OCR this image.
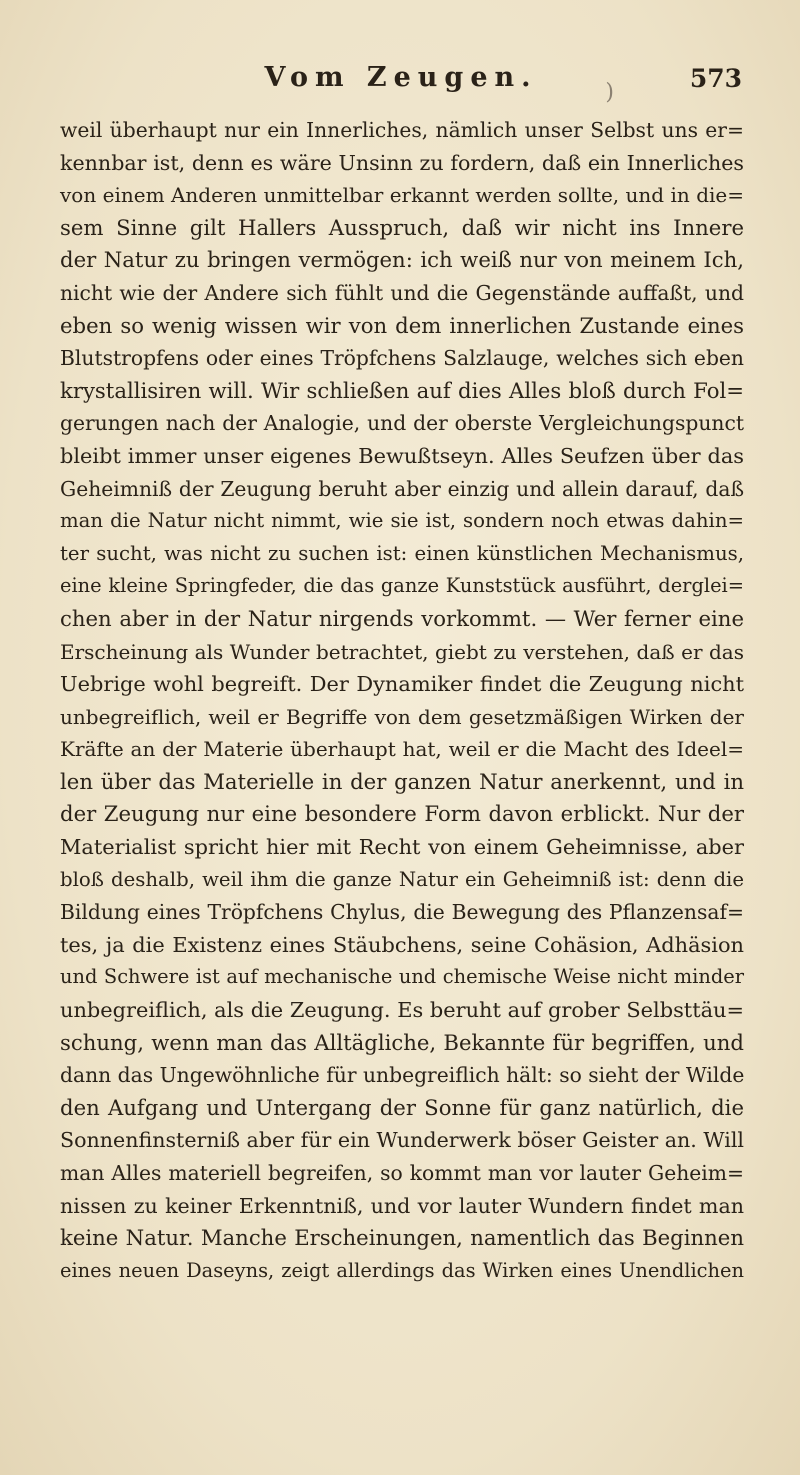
)
Vom Zeugen.	573
weil überhaupt nur ein Innerliches, nämlich unser Selbst uns er=
kennbar ist, denn es wäre Unsinn zu fordern, daß ein Innerliches
von einem Anderen unmittelbar erkannt werden sollte, und in die=
sem Sinne gilt Hallers Ausspruch, daß wir nicht ins Innere
der Natur zu bringen vermögen: ich weiß nur von meinem Ich,
nicht wie der Andere sich fühlt und die Gegenstände auffaßt, und
eben so wenig wissen wir von dem innerlichen Zustande eines
Blutstropfens oder eines Tröpfchens Salzlauge, welches sich eben
krystallisiren will. Wir schließen auf dies Alles bloß durch Fol=
gerungen nach der Analogie, und der oberste Vergleichungspunct
bleibt immer unser eigenes Bewußtseyn. Alles Seufzen über das
Geheimniß der Zeugung beruht aber einzig und allein darauf, daß
man die Natur nicht nimmt, wie sie ist, sondern noch etwas dahin=
ter sucht, was nicht zu suchen ist: einen künstlichen Mechanismus,
eine kleine Springfeder, die das ganze Kunststück ausführt, derglei=
chen aber in der Natur nirgends vorkommt. — Wer ferner eine
Erscheinung als Wunder betrachtet, giebt zu verstehen, daß er das
Uebrige wohl begreift. Der Dynamiker findet die Zeugung nicht
unbegreiflich, weil er Begriffe von dem gesetzmäßigen Wirken der
Kräfte an der Materie überhaupt hat, weil er die Macht des Ideel=
len über das Materielle in der ganzen Natur anerkennt, und in
der Zeugung nur eine besondere Form davon erblickt. Nur der
Materialist spricht hier mit Recht von einem Geheimnisse, aber
bloß deshalb, weil ihm die ganze Natur ein Geheimniß ist: denn die
Bildung eines Tröpfchens Chylus, die Bewegung des Pflanzensaf=
tes, ja die Existenz eines Stäubchens, seine Cohäsion, Adhäsion
und Schwere ist auf mechanische und chemische Weise nicht minder
unbegreiflich, als die Zeugung. Es beruht auf grober Selbsttäu=
schung, wenn man das Alltägliche, Bekannte für begriffen, und
dann das Ungewöhnliche für unbegreiflich hält: so sieht der Wilde
den Aufgang und Untergang der Sonne für ganz natürlich, die
Sonnenfinsterniß aber für ein Wunderwerk böser Geister an. Will
man Alles materiell begreifen, so kommt man vor lauter Geheim=
nissen zu keiner Erkenntniß, und vor lauter Wundern findet man
keine Natur. Manche Erscheinungen, namentlich das Beginnen
eines neuen Daseyns, zeigt allerdings das Wirken eines Unendlichen
